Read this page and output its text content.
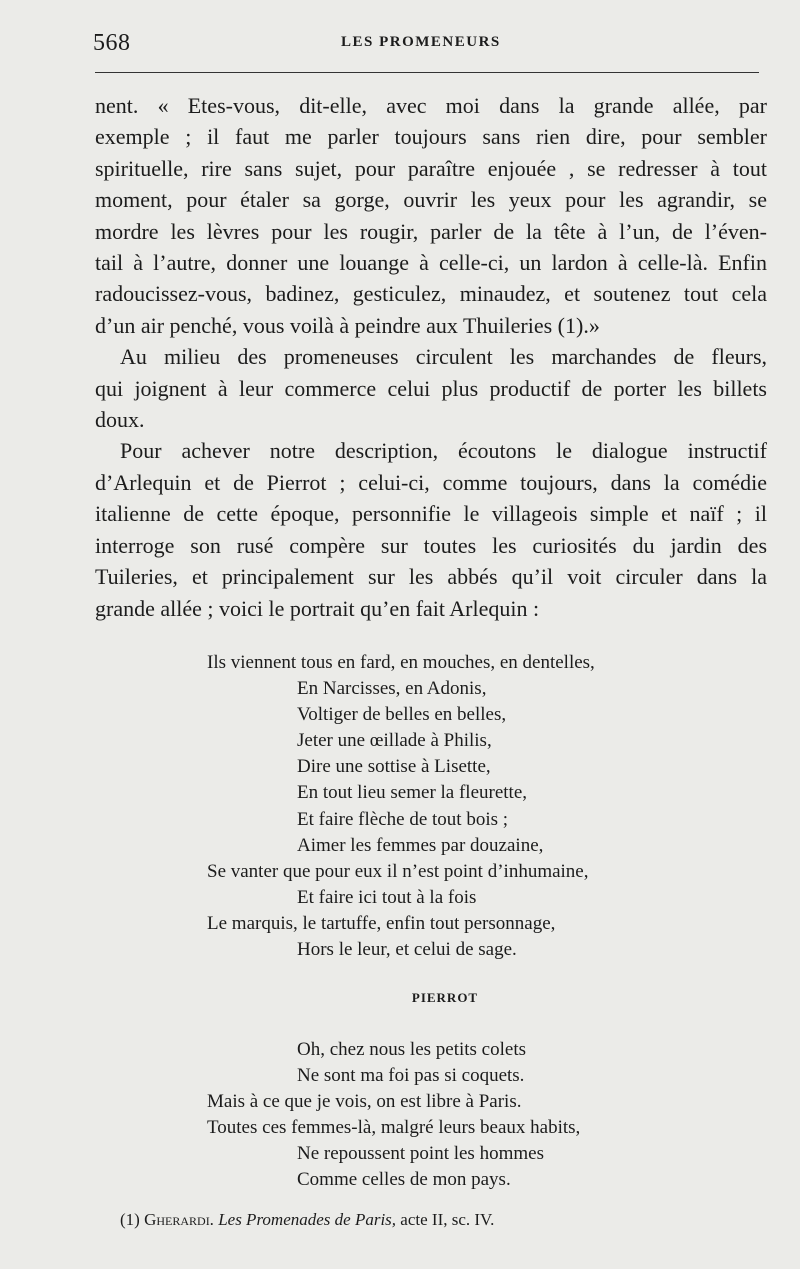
568	LES PROMENEURS
nent. « Etes-vous, dit-elle, avec moi dans la grande allée, par
exemple ; il faut me parler toujours sans rien dire, pour sembler
spirituelle, rire sans sujet, pour paraître enjouée , se redresser à tout
moment, pour étaler sa gorge, ouvrir les yeux pour les agrandir, se
mordre les lèvres pour les rougir, parler de la tête à l’un, de l’éven-
tail à l’autre, donner une louange à celle-ci, un lardon à celle-là. Enfin
radoucissez-vous, badinez, gesticulez, minaudez, et soutenez tout cela
d’un air penché, vous voilà à peindre aux Thuileries (1).»
Au milieu des promeneuses circulent les marchandes de fleurs,
qui joignent à leur commerce celui plus productif de porter les billets
doux.
Pour achever notre description, écoutons le dialogue instructif
d’Arlequin et de Pierrot ; celui-ci, comme toujours, dans la comédie
italienne de cette époque, personnifie le villageois simple et naïf ; il
interroge son rusé compère sur toutes les curiosités du jardin des
Tuileries, et principalement sur les abbés qu’il voit circuler dans la
grande allée ; voici le portrait qu’en fait Arlequin :
Ils viennent tous en fard, en mouches, en dentelles,
En Narcisses, en Adonis,
Voltiger de belles en belles,
Jeter une œillade à Philis,
Dire une sottise à Lisette,
En tout lieu semer la fleurette,
Et faire flèche de tout bois ;
Aimer les femmes par douzaine,
Se vanter que pour eux il n’est point d’inhumaine,
Et faire ici tout à la fois
Le marquis, le tartuffe, enfin tout personnage,
Hors le leur, et celui de sage.
PIERROT
Oh, chez nous les petits colets
Ne sont ma foi pas si coquets.
Mais à ce que je vois, on est libre à Paris.
Toutes ces femmes-là, malgré leurs beaux habits,
Ne repoussent point les hommes
Comme celles de mon pays.
(1) Gherardi. Les Promenades de Paris, acte II, sc. IV.
